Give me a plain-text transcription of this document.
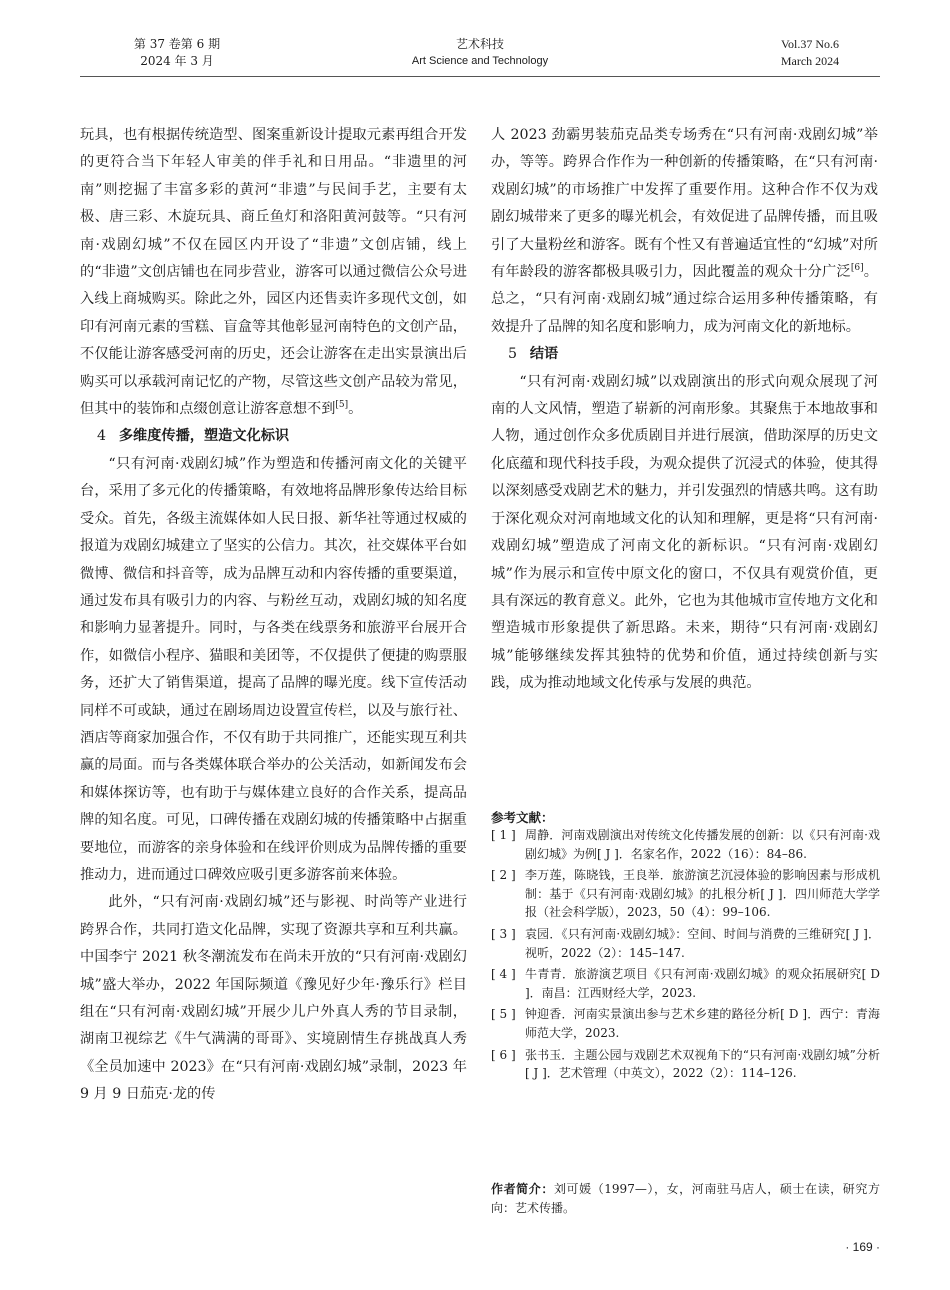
第 37 卷第 6 期
2024 年 3 月
艺术科技
Art Science and Technology
Vol.37 No.6
March 2024

玩具，也有根据传统造型、图案重新设计提取元素再组合开发的更符合当下年轻人审美的伴手礼和日用品。“非遗里的河南”则挖掘了丰富多彩的黄河“非遗”与民间手艺，主要有太极、唐三彩、木旋玩具、商丘鱼灯和洛阳黄河鼓等。“只有河南·戏剧幻城”不仅在园区内开设了“非遗”文创店铺，线上的“非遗”文创店铺也在同步营业，游客可以通过微信公众号进入线上商城购买。除此之外，园区内还售卖许多现代文创，如印有河南元素的雪糕、盲盒等其他彰显河南特色的文创产品，不仅能让游客感受河南的历史，还会让游客在走出实景演出后购买可以承载河南记忆的产物，尽管这些文创产品较为常见，但其中的装饰和点缀创意让游客意想不到[5]。

4 多维度传播，塑造文化标识

“只有河南·戏剧幻城”作为塑造和传播河南文化的关键平台，采用了多元化的传播策略，有效地将品牌形象传达给目标受众。首先，各级主流媒体如人民日报、新华社等通过权威的报道为戏剧幻城建立了坚实的公信力。其次，社交媒体平台如微博、微信和抖音等，成为品牌互动和内容传播的重要渠道，通过发布具有吸引力的内容、与粉丝互动，戏剧幻城的知名度和影响力显著提升。同时，与各类在线票务和旅游平台展开合作，如微信小程序、猫眼和美团等，不仅提供了便捷的购票服务，还扩大了销售渠道，提高了品牌的曝光度。线下宣传活动同样不可或缺，通过在剧场周边设置宣传栏，以及与旅行社、酒店等商家加强合作，不仅有助于共同推广，还能实现互利共赢的局面。而与各类媒体联合举办的公关活动，如新闻发布会和媒体探访等，也有助于与媒体建立良好的合作关系，提高品牌的知名度。可见，口碑传播在戏剧幻城的传播策略中占据重要地位，而游客的亲身体验和在线评价则成为品牌传播的重要推动力，进而通过口碑效应吸引更多游客前来体验。

此外，“只有河南·戏剧幻城”还与影视、时尚等产业进行跨界合作，共同打造文化品牌，实现了资源共享和互利共赢。中国李宁 2021 秋冬潮流发布在尚未开放的“只有河南·戏剧幻城”盛大举办，2022 年国际频道《豫见好少年·豫乐行》栏目组在“只有河南·戏剧幻城”开展少儿户外真人秀的节目录制，湖南卫视综艺《牛气满满的哥哥》、实境剧情生存挑战真人秀《全员加速中 2023》在“只有河南·戏剧幻城”录制，2023 年 9 月 9 日茄克·龙的传

人 2023 劲霸男装茄克品类专场秀在“只有河南·戏剧幻城”举办，等等。跨界合作作为一种创新的传播策略，在“只有河南·戏剧幻城”的市场推广中发挥了重要作用。这种合作不仅为戏剧幻城带来了更多的曝光机会，有效促进了品牌传播，而且吸引了大量粉丝和游客。既有个性又有普遍适宜性的“幻城”对所有年龄段的游客都极具吸引力，因此覆盖的观众十分广泛[6]。总之，“只有河南·戏剧幻城”通过综合运用多种传播策略，有效提升了品牌的知名度和影响力，成为河南文化的新地标。

5 结语

“只有河南·戏剧幻城”以戏剧演出的形式向观众展现了河南的人文风情，塑造了崭新的河南形象。其聚焦于本地故事和人物，通过创作众多优质剧目并进行展演，借助深厚的历史文化底蕴和现代科技手段，为观众提供了沉浸式的体验，使其得以深刻感受戏剧艺术的魅力，并引发强烈的情感共鸣。这有助于深化观众对河南地域文化的认知和理解，更是将“只有河南·戏剧幻城”塑造成了河南文化的新标识。“只有河南·戏剧幻城”作为展示和宣传中原文化的窗口，不仅具有观赏价值，更具有深远的教育意义。此外，它也为其他城市宣传地方文化和塑造城市形象提供了新思路。未来，期待“只有河南·戏剧幻城”能够继续发挥其独特的优势和价值，通过持续创新与实践，成为推动地域文化传承与发展的典范。

参考文献：
[ 1 ] 周静．河南戏剧演出对传统文化传播发展的创新：以《只有河南·戏剧幻城》为例[ J ]．名家名作，2022（16）：84–86.
[ 2 ] 李万莲，陈晓钱，王良举．旅游演艺沉浸体验的影响因素与形成机制：基于《只有河南·戏剧幻城》的扎根分析[ J ]．四川师范大学学报（社会科学版），2023，50（4）：99–106.
[ 3 ] 袁园．《只有河南·戏剧幻城》：空间、时间与消费的三维研究[ J ]．视听，2022（2）：145–147.
[ 4 ] 牛青青．旅游演艺项目《只有河南·戏剧幻城》的观众拓展研究[ D ]．南昌：江西财经大学，2023.
[ 5 ] 钟迎香．河南实景演出参与艺术乡建的路径分析[ D ]．西宁：青海师范大学，2023.
[ 6 ] 张书玉．主题公园与戏剧艺术双视角下的“只有河南·戏剧幻城”分析[ J ]．艺术管理（中英文），2022（2）：114–126.
作者简介：刘可媛（1997—），女，河南驻马店人，硕士在读，研究方向：艺术传播。
· 169 ·
